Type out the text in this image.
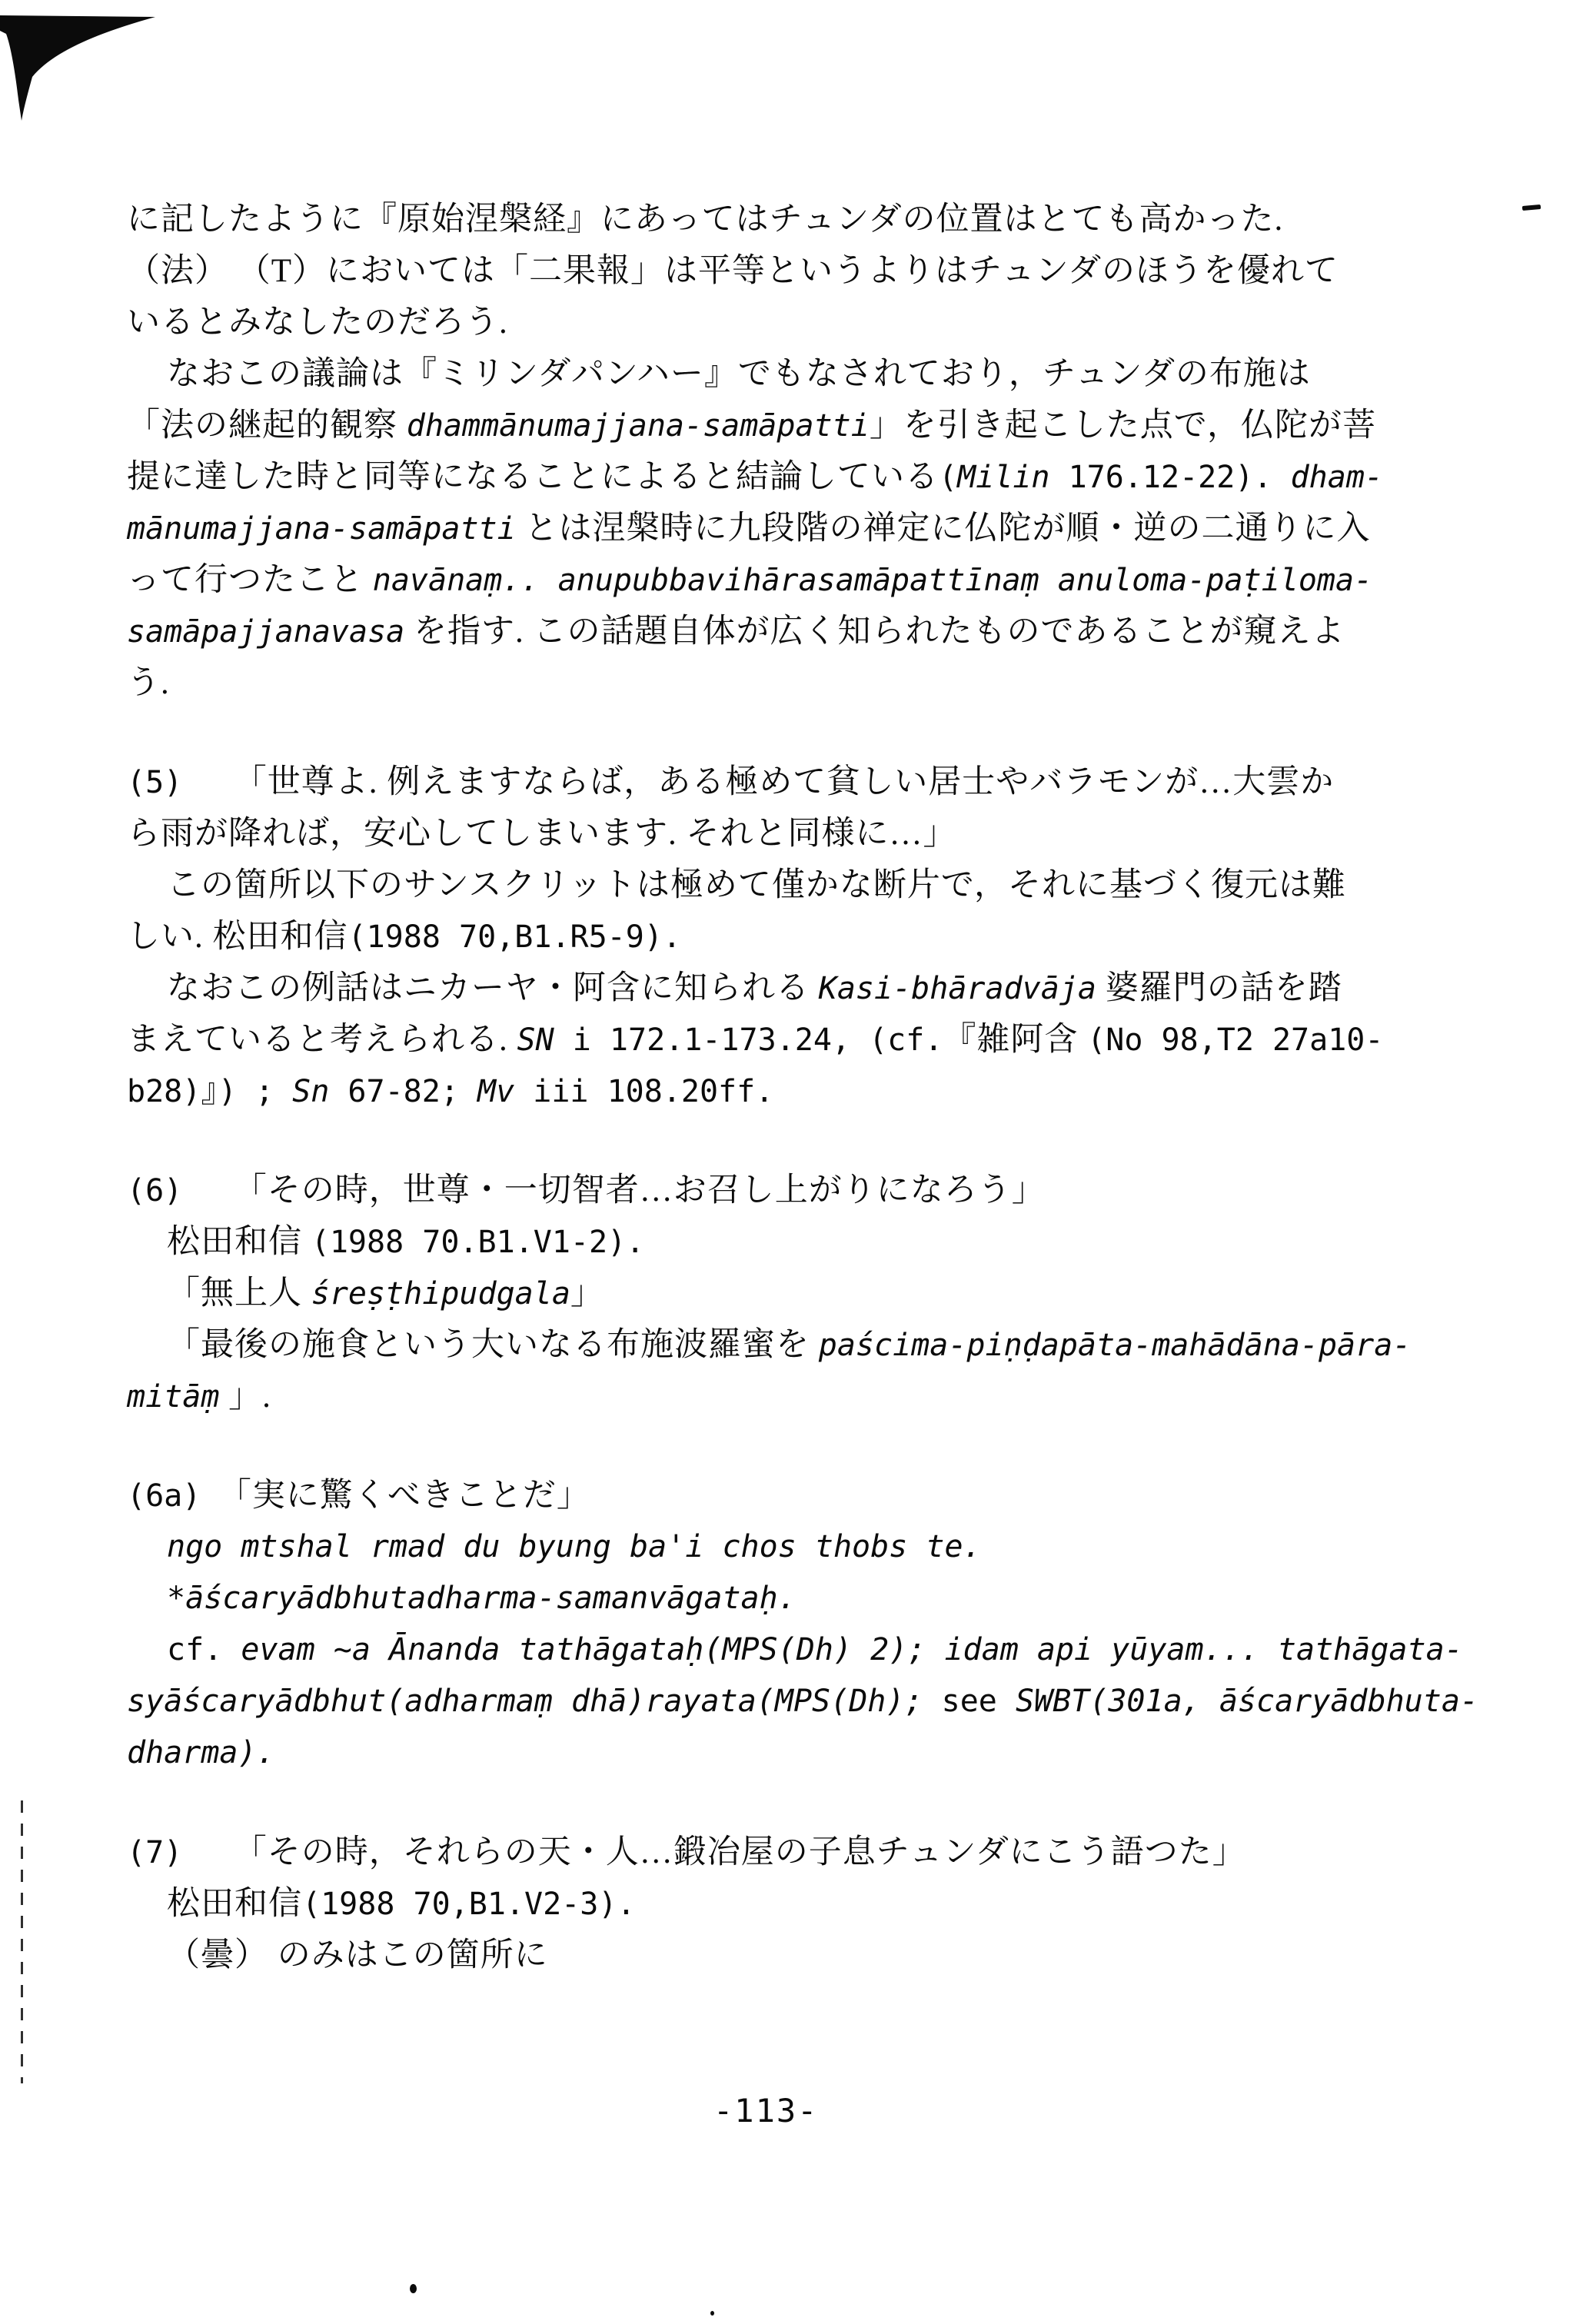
に記したように『原始涅槃経』にあってはチュンダの位置はとても高かった.
（法） （T）においては「二果報」は平等というよりはチュンダのほうを優れて
いるとみなしたのだろう.
なおこの議論は『ミリンダパンハー』でもなされており，チュンダの布施は
「法の継起的観察 dhammānumajjana-samāpatti」を引き起こした点で，仏陀が菩
提に達した時と同等になることによると結論している(Milin 176.12-22). dham-
mānumajjana-samāpatti とは涅槃時に九段階の禅定に仏陀が順・逆の二通りに入
って行つたこと navānaṃ.. anupubbavihārasamāpattīnaṃ anuloma-paṭiloma-
samāpajjanavasa を指す. この話題自体が広く知られたものであることが窺えよ
う.
(5)　　「世尊よ. 例えますならば，ある極めて貧しい居士やバラモンが…大雲か
ら雨が降れば，安心してしまいます. それと同様に…」
この箇所以下のサンスクリットは極めて僅かな断片で，それに基づく復元は難
しい. 松田和信(1988 70,B1.R5-9).
なおこの例話はニカーヤ・阿含に知られる Kasi-bhāradvāja 婆羅門の話を踏
まえていると考えられる. SN i 172.1-173.24, (cf.『雑阿含 (No 98,T2 27a10-
b28)』) ; Sn 67-82; Mv iii 108.20ff.
(6)　　「その時，世尊・一切智者…お召し上がりになろう」
松田和信 (1988 70.B1.V1-2).
「無上人 śreṣṭhipudgala」
「最後の施食という大いなる布施波羅蜜を paścima-piṇḍapāta-mahādāna-pāra-
mitāṃ 」.
(6a)　「実に驚くべきことだ」
ngo mtshal rmad du byung ba'i chos thobs te.
*āścaryādbhutadharma-samanvāgataḥ.
cf. evam ~a Ānanda tathāgataḥ(MPS(Dh) 2); idam api yūyam... tathāgata-
syāścaryādbhut(adharmaṃ dhā)rayata(MPS(Dh); see SWBT(301a, āścaryādbhuta-
dharma).
(7)　　「その時，それらの天・人…鍛冶屋の子息チュンダにこう語つた」
松田和信(1988 70,B1.V2-3).
（曇） のみはこの箇所に
-113-
